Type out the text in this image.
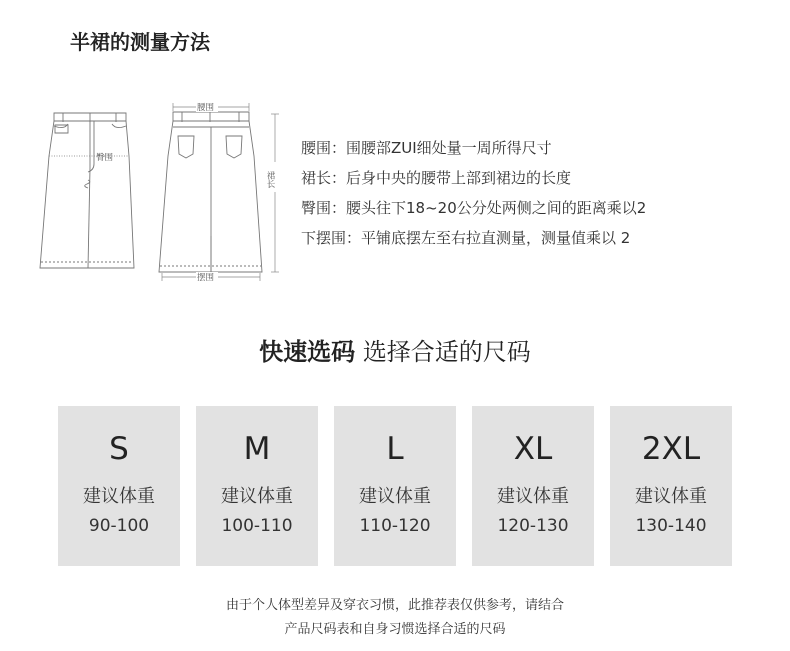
半裙的测量方法
臀围
腰围
裙长
摆围
腰围：围腰部ZUI细处量一周所得尺寸
裙长：后身中央的腰带上部到裙边的长度
臀围：腰头往下18~20公分处两侧之间的距离乘以2
下摆围：平铺底摆左至右拉直测量，测量值乘以 2
快速选码 选择合适的尺码
S
建议体重
90-100
M
建议体重
100-110
L
建议体重
110-120
XL
建议体重
120-130
2XL
建议体重
130-140
由于个人体型差异及穿衣习惯，此推荐表仅供参考，请结合
产品尺码表和自身习惯选择合适的尺码
